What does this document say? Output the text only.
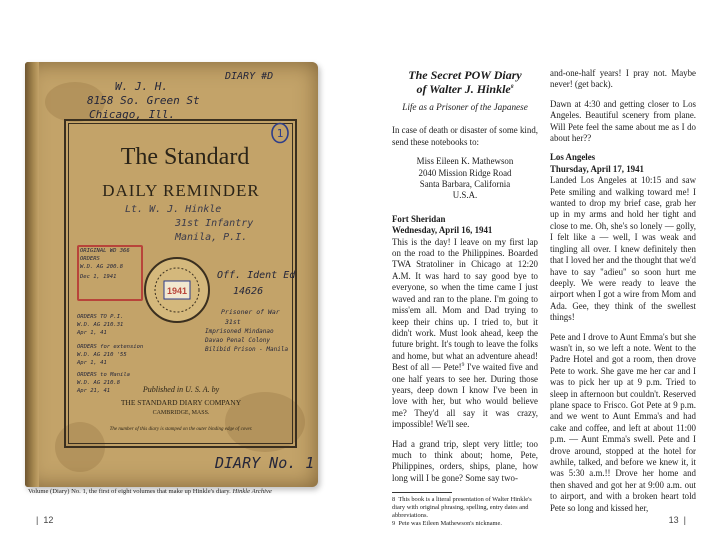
DIARY #D
W. J. H.
8158 So. Green St
Chicago, Ill.
1
The Standard
DAILY REMINDER
Lt. W. J. Hinkle
31st Infantry
Manila, P.I.
ORIGINAL WD 366
ORDERS
W.D. AG 200.8
Dec 1, 1941
1941
Off. Ident Ed
14626
ORDERS TO P.I.
W.D. AG 210.31
Apr 1, 41
ORDERS for extension
W.D. AG 210 '55
Apr 1, 41
ORDERS to Manila
W.D. AG 210.8
Apr 21, 41
Prisoner of War
31st
Imprisoned Mindanao
Davao Penal Colony
Bilibid Prison - Manila
Published in U. S. A. by
THE STANDARD DIARY COMPANY
CAMBRIDGE, MASS.
The number of this diary is stamped on the outer binding edge of cover.
DIARY No. 1
Volume (Diary) No. 1, the first of eight volumes that make up Hinkle's diary. Hinkle Archive
|  12

The Secret POW Diary

of Walter J. Hinkle$^8$

Life as a Prisoner of the Japanese

In case of death or disaster of some kind, send these notebooks to:

Miss Eileen K. Mathewson
2040 Mission Ridge Road
Santa Barbara, California
U.S.A.

Fort Sheridan

Wednesday, April 16, 1941

This is the day! I leave on my first lap on the road to the Philippines. Boarded TWA Stratoliner in Chicago at 12:20 A.M. It was hard to say good bye to everyone, so when the time came I just waved and ran to the plane. I'm going to miss'em all. Mom and Dad trying to keep their chins up. I tried to, but it didn't work. Must look ahead, keep the future bright. It's tough to leave the folks and home, but what an adventure ahead! Best of all — Pete!$^9$ I've waited five and one half years to see her. During those years, deep down I know I've been in love with her, but who would believe me? They'd all say it was crazy, impossible! We'll see.

Had a grand trip, slept very little; too much to think about; home, Pete, Philippines, orders, ships, plane, how long will I be gone? Some say two-

8 This book is a literal presentation of Walter Hinkle's diary with original phrasing, spelling, entry dates and abbreviations.

9 Pete was Eileen Mathewson's nickname.

and-one-half years! I pray not. Maybe never! (get back).

Dawn at 4:30 and getting closer to Los Angeles. Beautiful scenery from plane. Will Pete feel the same about me as I do about her??

Los Angeles

Thursday, April 17, 1941

Landed Los Angeles at 10:15 and saw Pete smiling and walking toward me! I wanted to drop my brief case, grab her up in my arms and hold her tight and close to me. Oh, she's so lonely — golly, I felt like a — well, I was weak and tingling all over. I knew definitely then that I loved her and the thought that we'd have to say "adieu" so soon hurt me deeply. We were ready to leave the airport when I got a wire from Mom and Ada. Gee, they think of the swellest things!

Pete and I drove to Aunt Emma's but she wasn't in, so we left a note. Went to the Padre Hotel and got a room, then drove Pete to work. She gave me her car and I was to pick her up at 9 p.m. Tried to sleep in afternoon but couldn't. Reserved plane space to Frisco. Got Pete at 9 p.m. and we went to Aunt Emma's and had cake and coffee, and left at about 11:00 p.m. — Aunt Emma's swell. Pete and I drove around, stopped at the hotel for awhile, talked, and before we knew it, it was 5:30 a.m.!! Drove her home and then shaved and got her at 9:00 a.m. out to airport, and with a broken heart told Pete so long and kissed her,

13  |
